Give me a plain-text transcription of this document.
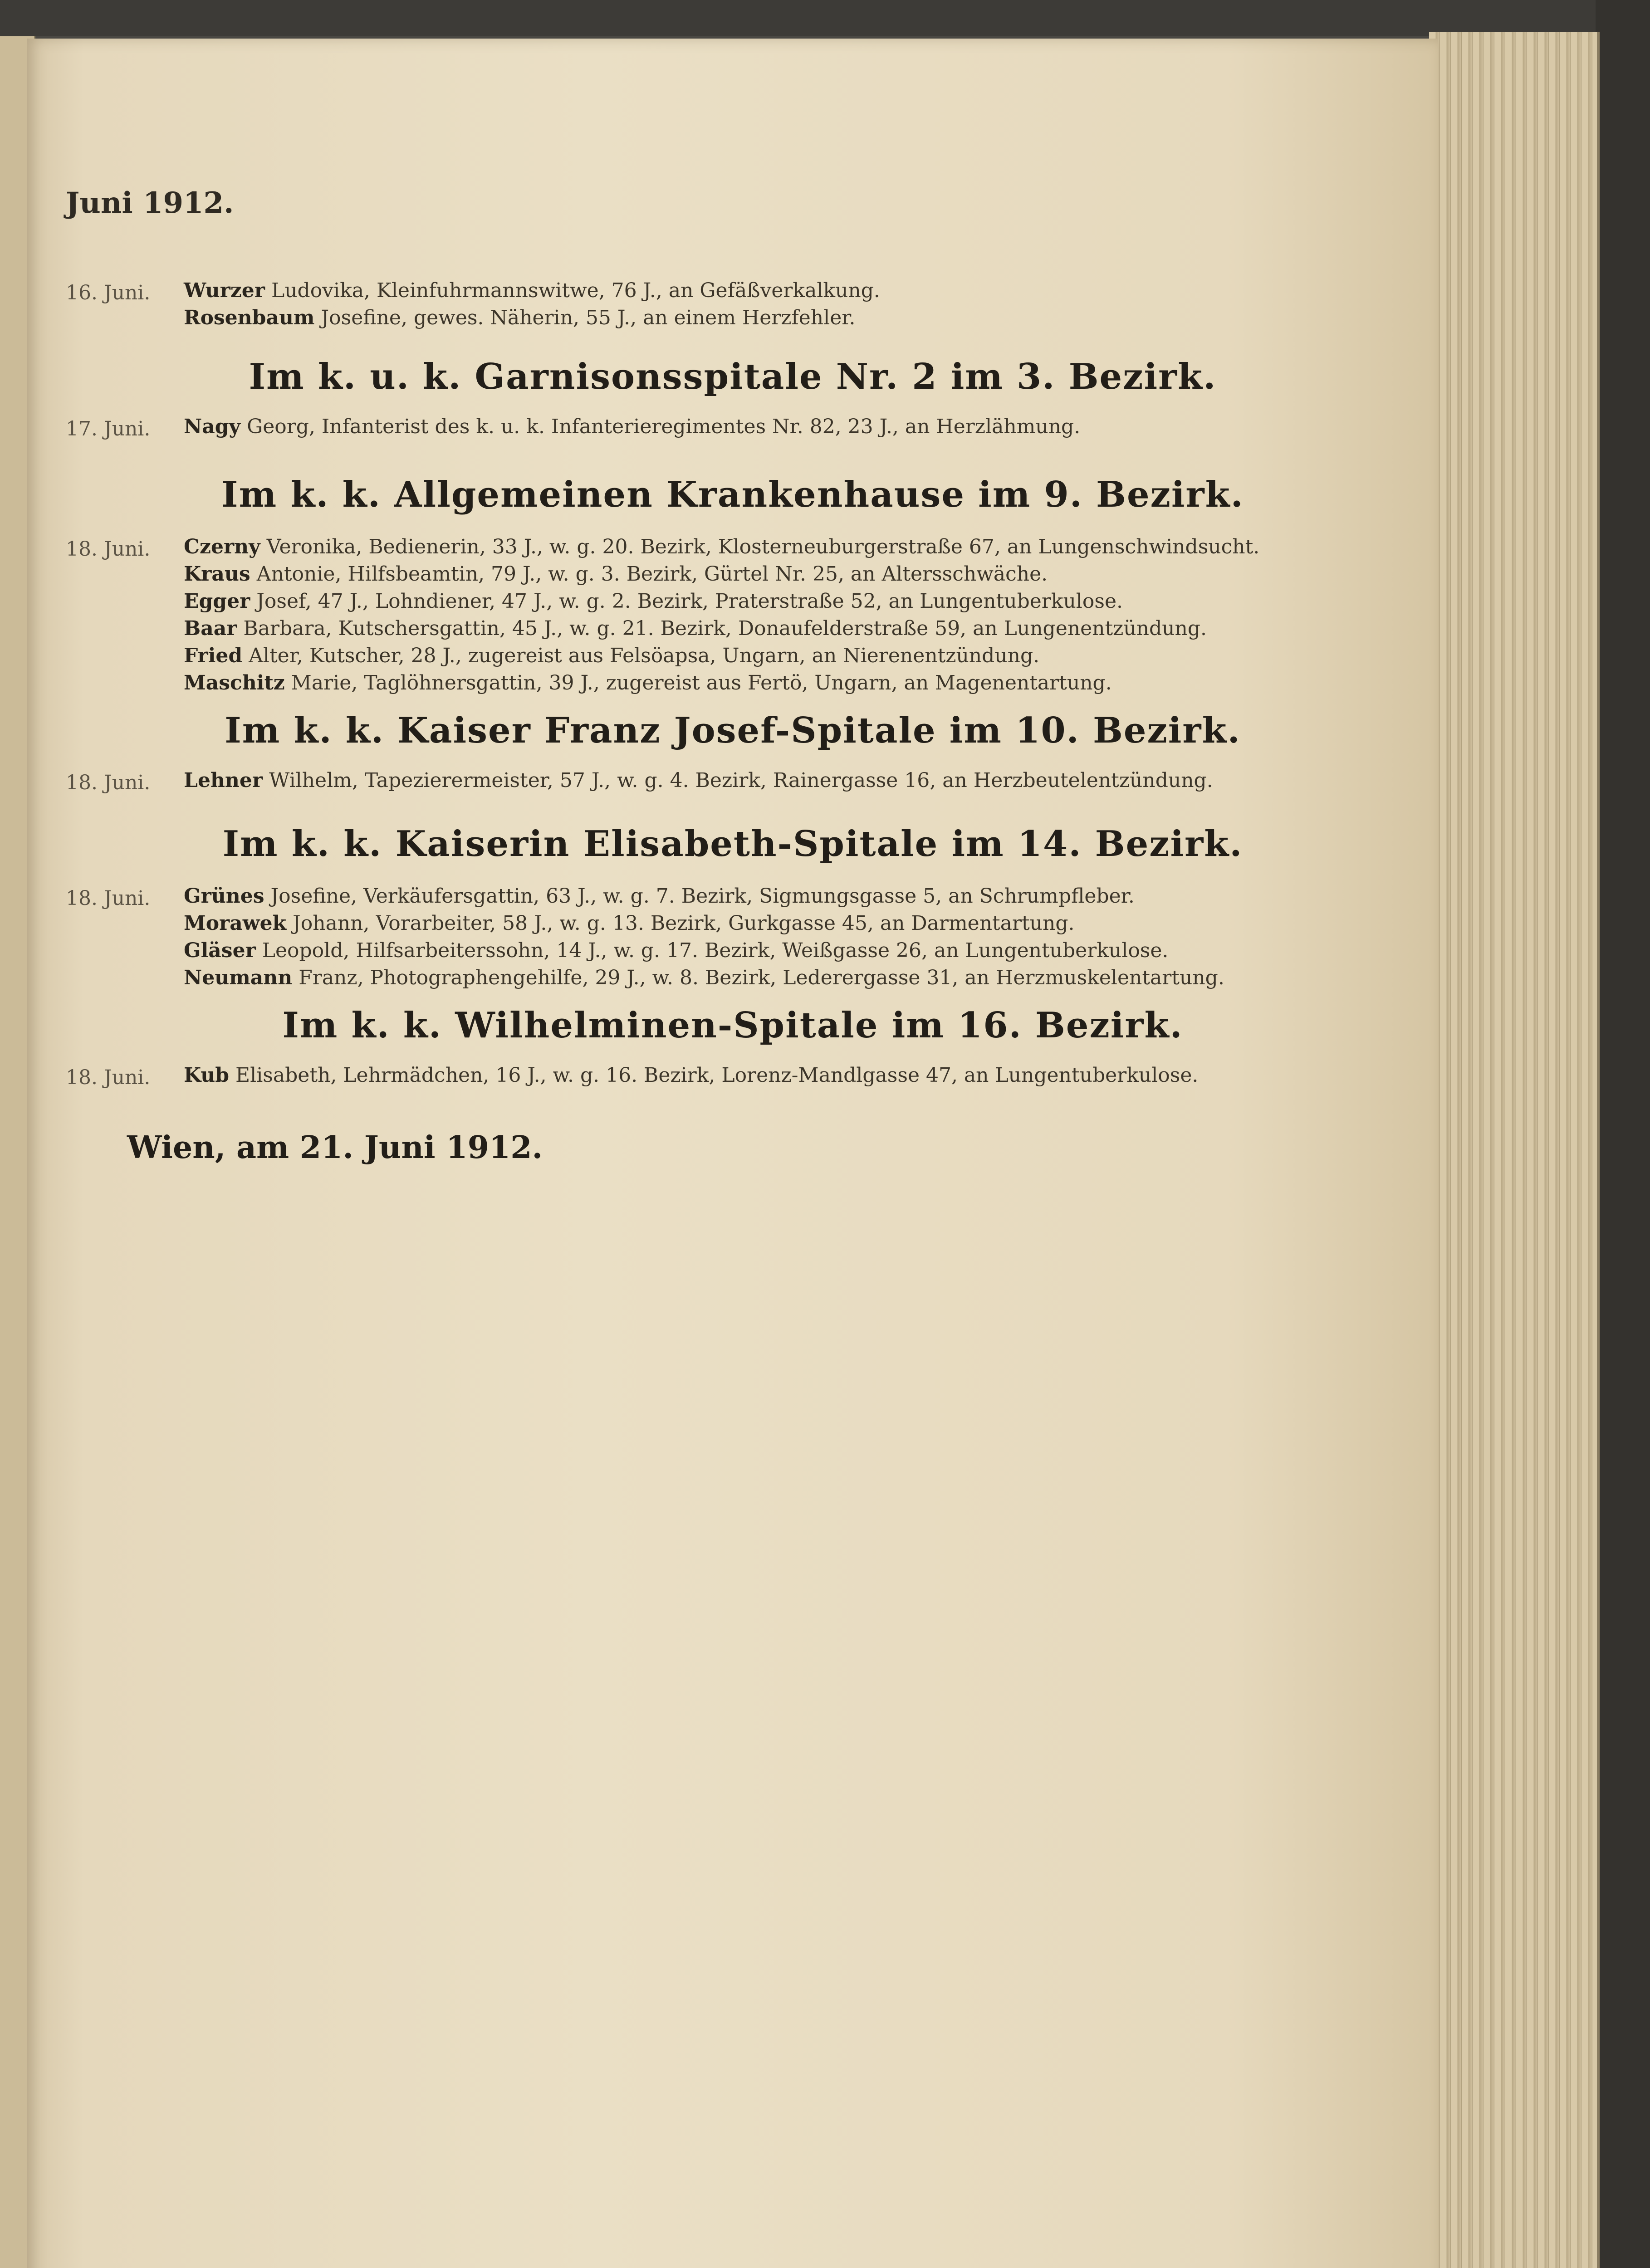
Juni 1912.
16. Juni. Wurzer Ludovika, Kleinfuhrmannswitwe, 76 J., an Gefäßverkalkung.
Rosenbaum Josefine, gewes. Näherin, 55 J., an einem Herzfehler.
Im k. u. k. Garnisonsspitale Nr. 2 im 3. Bezirk.
17. Juni. Nagy Georg, Infanterist des k. u. k. Infanterieregimentes Nr. 82, 23 J., an Herzlähmung.
Im k. k. Allgemeinen Krankenhause im 9. Bezirk.
18. Juni. Czerny Veronika, Bedienerin, 33 J., w. g. 20. Bezirk, Klosterneuburgerstraße 67, an Lungenschwindsucht.
Kraus Antonie, Hilfsbeamtin, 79 J., w. g. 3. Bezirk, Gürtel Nr. 25, an Altersschwäche.
Egger Josef, 47 J., Lohndiener, 47 J., w. g. 2. Bezirk, Praterstraße 52, an Lungentuberkulose.
Baar Barbara, Kutschersgattin, 45 J., w. g. 21. Bezirk, Donaufelderstraße 59, an Lungenentzündung.
Fried Alter, Kutscher, 28 J., zugereist aus Felsöapsa, Ungarn, an Nierenentzündung.
Maschitz Marie, Taglöhnersgattin, 39 J., zugereist aus Fertö, Ungarn, an Magenentartung.
Im k. k. Kaiser Franz Josef-Spitale im 10. Bezirk.
18. Juni. Lehner Wilhelm, Tapezierermeister, 57 J., w. g. 4. Bezirk, Rainergasse 16, an Herzbeutelentzündung.
Im k. k. Kaiserin Elisabeth-Spitale im 14. Bezirk.
18. Juni. Grünes Josefine, Verkäufersgattin, 63 J., w. g. 7. Bezirk, Sigmungsgasse 5, an Schrumpfleber.
Morawek Johann, Vorarbeiter, 58 J., w. g. 13. Bezirk, Gurkgasse 45, an Darmentartung.
Gläser Leopold, Hilfsarbeiterssohn, 14 J., w. g. 17. Bezirk, Weißgasse 26, an Lungentuberkulose.
Neumann Franz, Photographengehilfe, 29 J., w. 8. Bezirk, Lederergasse 31, an Herzmuskelentartung.
Im k. k. Wilhelminen-Spitale im 16. Bezirk.
18. Juni. Kub Elisabeth, Lehrmädchen, 16 J., w. g. 16. Bezirk, Lorenz-Mandlgasse 47, an Lungentuberkulose.
Wien, am 21. Juni 1912.
